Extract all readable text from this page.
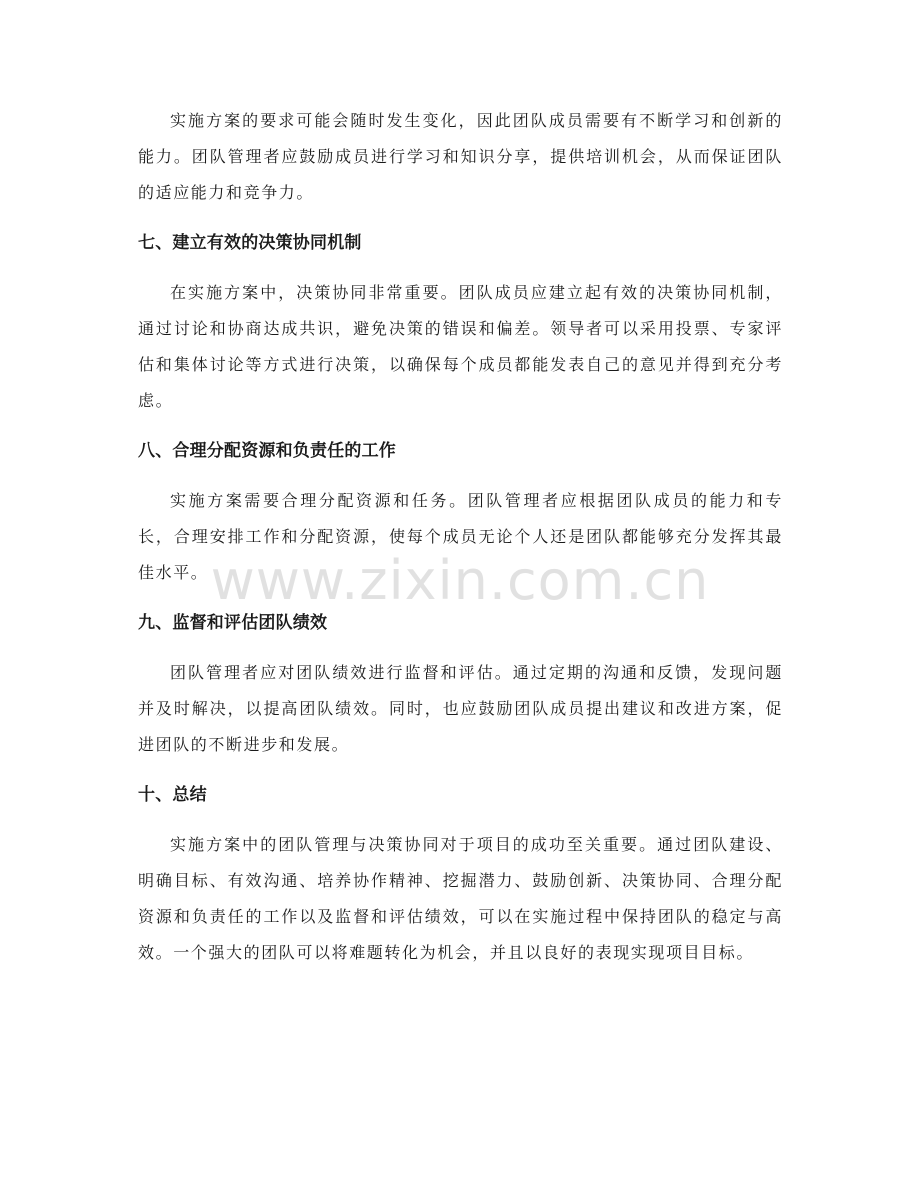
实施方案的要求可能会随时发生变化，因此团队成员需要有不断学习和创新的能力。团队管理者应鼓励成员进行学习和知识分享，提供培训机会，从而保证团队的适应能力和竞争力。

七、建立有效的决策协同机制

在实施方案中，决策协同非常重要。团队成员应建立起有效的决策协同机制，通过讨论和协商达成共识，避免决策的错误和偏差。领导者可以采用投票、专家评估和集体讨论等方式进行决策，以确保每个成员都能发表自己的意见并得到充分考虑。

八、合理分配资源和负责任的工作

实施方案需要合理分配资源和任务。团队管理者应根据团队成员的能力和专长，合理安排工作和分配资源，使每个成员无论个人还是团队都能够充分发挥其最佳水平。

九、监督和评估团队绩效

团队管理者应对团队绩效进行监督和评估。通过定期的沟通和反馈，发现问题并及时解决，以提高团队绩效。同时，也应鼓励团队成员提出建议和改进方案，促进团队的不断进步和发展。

十、总结

实施方案中的团队管理与决策协同对于项目的成功至关重要。通过团队建设、明确目标、有效沟通、培养协作精神、挖掘潜力、鼓励创新、决策协同、合理分配资源和负责任的工作以及监督和评估绩效，可以在实施过程中保持团队的稳定与高效。一个强大的团队可以将难题转化为机会，并且以良好的表现实现项目目标。

www.zixin.com.cn
